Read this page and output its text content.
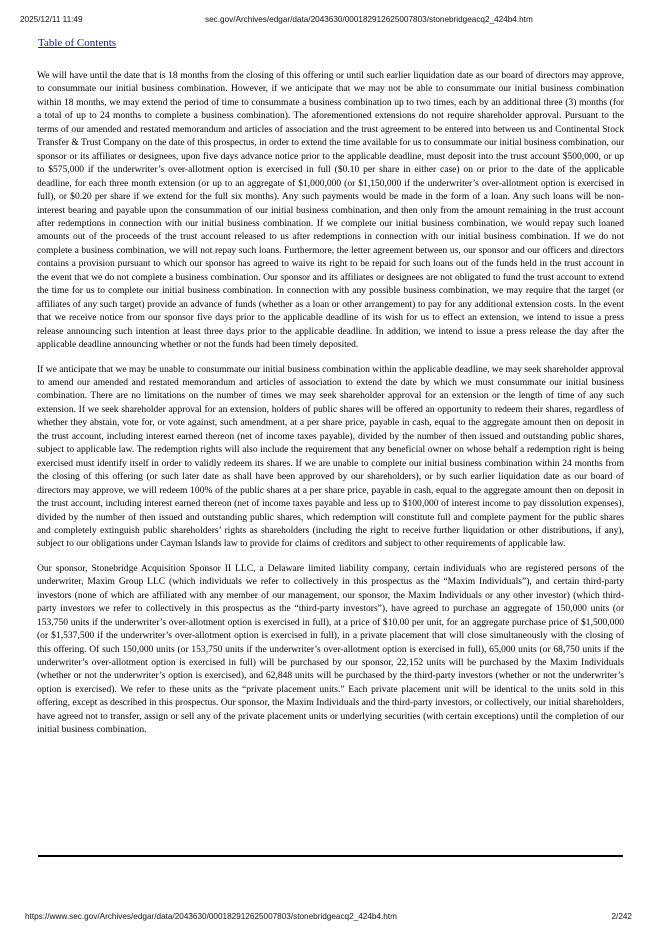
2025/12/11 11:49	sec.gov/Archives/edgar/data/2043630/000182912625007803/stonebridgeacq2_424b4.htm
Table of Contents

We will have until the date that is 18 months from the closing of this offering or until such earlier liquidation date as our board of directors may approve, to consummate our initial business combination. However, if we anticipate that we may not be able to consummate our initial business combination within 18 months, we may extend the period of time to consummate a business combination up to two times, each by an additional three (3) months (for a total of up to 24 months to complete a business combination). The aforementioned extensions do not require shareholder approval. Pursuant to the terms of our amended and restated memorandum and articles of association and the trust agreement to be entered into between us and Continental Stock Transfer & Trust Company on the date of this prospectus, in order to extend the time available for us to consummate our initial business combination, our sponsor or its affiliates or designees, upon five days advance notice prior to the applicable deadline, must deposit into the trust account $500,000, or up to $575,000 if the underwriter’s over-allotment option is exercised in full ($0.10 per share in either case) on or prior to the date of the applicable deadline, for each three month extension (or up to an aggregate of $1,000,000 (or $1,150,000 if the underwriter’s over-allotment option is exercised in full), or $0.20 per share if we extend for the full six months). Any such payments would be made in the form of a loan. Any such loans will be non-interest bearing and payable upon the consummation of our initial business combination, and then only from the amount remaining in the trust account after redemptions in connection with our initial business combination. If we complete our initial business combination, we would repay such loaned amounts out of the proceeds of the trust account released to us after redemptions in connection with our initial business combination. If we do not complete a business combination, we will not repay such loans. Furthermore, the letter agreement between us, our sponsor and our officers and directors contains a provision pursuant to which our sponsor has agreed to waive its right to be repaid for such loans out of the funds held in the trust account in the event that we do not complete a business combination. Our sponsor and its affiliates or designees are not obligated to fund the trust account to extend the time for us to complete our initial business combination. In connection with any possible business combination, we may require that the target (or affiliates of any such target) provide an advance of funds (whether as a loan or other arrangement) to pay for any additional extension costs. In the event that we receive notice from our sponsor five days prior to the applicable deadline of its wish for us to effect an extension, we intend to issue a press release announcing such intention at least three days prior to the applicable deadline. In addition, we intend to issue a press release the day after the applicable deadline announcing whether or not the funds had been timely deposited.

If we anticipate that we may be unable to consummate our initial business combination within the applicable deadline, we may seek shareholder approval to amend our amended and restated memorandum and articles of association to extend the date by which we must consummate our initial business combination. There are no limitations on the number of times we may seek shareholder approval for an extension or the length of time of any such extension. If we seek shareholder approval for an extension, holders of public shares will be offered an opportunity to redeem their shares, regardless of whether they abstain, vote for, or vote against, such amendment, at a per share price, payable in cash, equal to the aggregate amount then on deposit in the trust account, including interest earned thereon (net of income taxes payable), divided by the number of then issued and outstanding public shares, subject to applicable law. The redemption rights will also include the requirement that any beneficial owner on whose behalf a redemption right is being exercised must identify itself in order to validly redeem its shares. If we are unable to complete our initial business combination within 24 months from the closing of this offering (or such later date as shall have been approved by our shareholders), or by such earlier liquidation date as our board of directors may approve, we will redeem 100% of the public shares at a per share price, payable in cash, equal to the aggregate amount then on deposit in the trust account, including interest earned thereon (net of income taxes payable and less up to $100,000 of interest income to pay dissolution expenses), divided by the number of then issued and outstanding public shares, which redemption will constitute full and complete payment for the public shares and completely extinguish public shareholders’ rights as shareholders (including the right to receive further liquidation or other distributions, if any), subject to our obligations under Cayman Islands law to provide for claims of creditors and subject to other requirements of applicable law.

Our sponsor, Stonebridge Acquisition Sponsor II LLC, a Delaware limited liability company, certain individuals who are registered persons of the underwriter, Maxim Group LLC (which individuals we refer to collectively in this prospectus as the “Maxim Individuals”), and certain third-party investors (none of which are affiliated with any member of our management, our sponsor, the Maxim Individuals or any other investor) (which third-party investors we refer to collectively in this prospectus as the “third-party investors”), have agreed to purchase an aggregate of 150,000 units (or 153,750 units if the underwriter’s over-allotment option is exercised in full), at a price of $10.00 per unit, for an aggregate purchase price of $1,500,000 (or $1,537,500 if the underwriter’s over-allotment option is exercised in full), in a private placement that will close simultaneously with the closing of this offering. Of such 150,000 units (or 153,750 units if the underwriter’s over-allotment option is exercised in full), 65,000 units (or 68,750 units if the underwriter’s over-allotment option is exercised in full) will be purchased by our sponsor, 22,152 units will be purchased by the Maxim Individuals (whether or not the underwriter’s option is exercised), and 62,848 units will be purchased by the third-party investors (whether or not the underwriter’s option is exercised). We refer to these units as the “private placement units.” Each private placement unit will be identical to the units sold in this offering, except as described in this prospectus. Our sponsor, the Maxim Individuals and the third-party investors, or collectively, our initial shareholders, have agreed not to transfer, assign or sell any of the private placement units or underlying securities (with certain exceptions) until the completion of our initial business combination.

https://www.sec.gov/Archives/edgar/data/2043630/000182912625007803/stonebridgeacq2_424b4.htm	2/242
